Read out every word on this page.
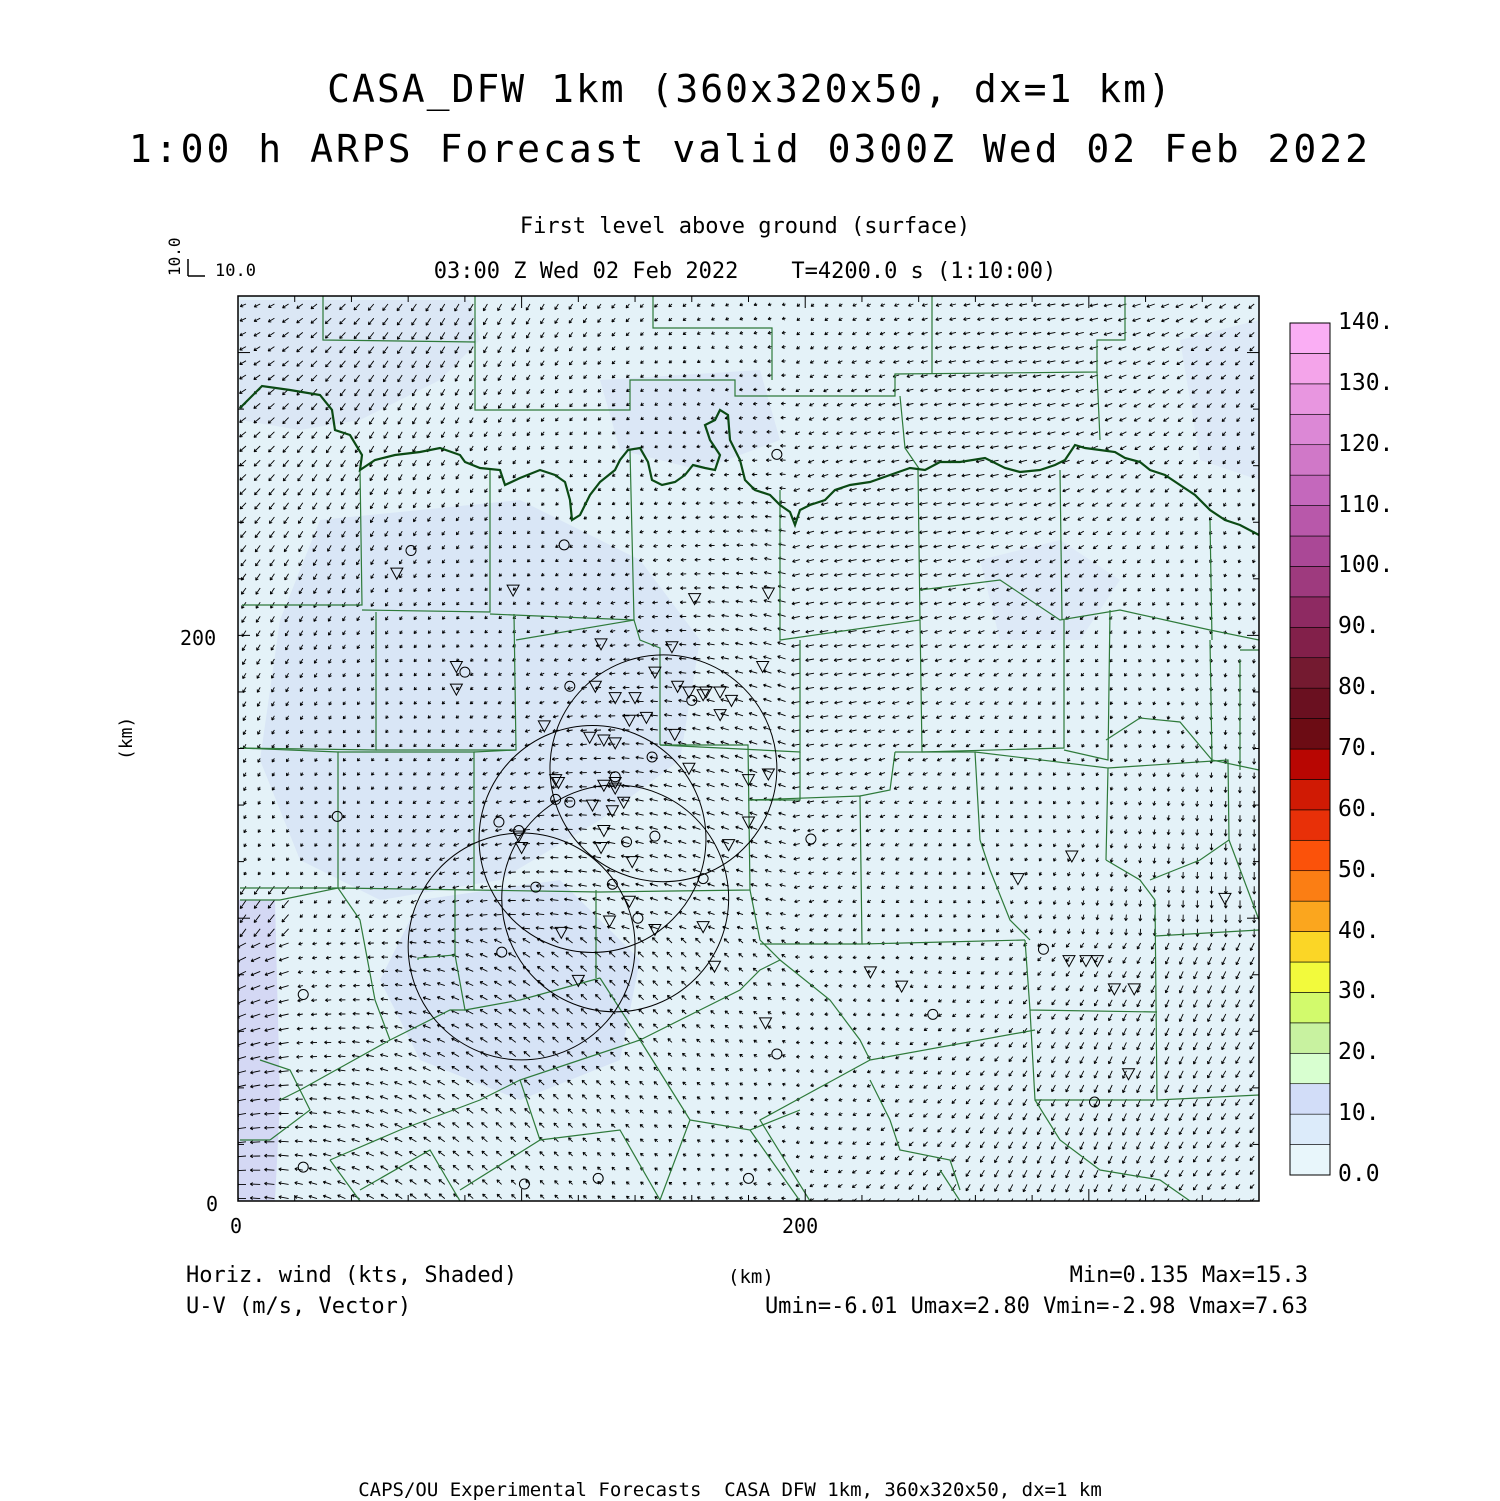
10.0 10.0
CASA_DFW 1km (360x320x50, dx=1 km)
1:00 h ARPS Forecast valid 0300Z Wed 02 Feb 2022
First level above ground (surface)
03:00 Z Wed 02 Feb 2022    T=4200.0 s (1:10:00)
200
0
0	200
(km)
0.0
10.
20.
30.
40.
50.
60.
70.
80.
90.
100.
110.
120.
130.
140.
Horiz. wind (kts, Shaded)
U-V (m/s, Vector)
(km)	Min=0.135 Max=15.3
Umin=-6.01 Umax=2.80 Vmin=-2.98 Vmax=7.63
CAPS/OU Experimental Forecasts  CASA DFW 1km, 360x320x50, dx=1 km
